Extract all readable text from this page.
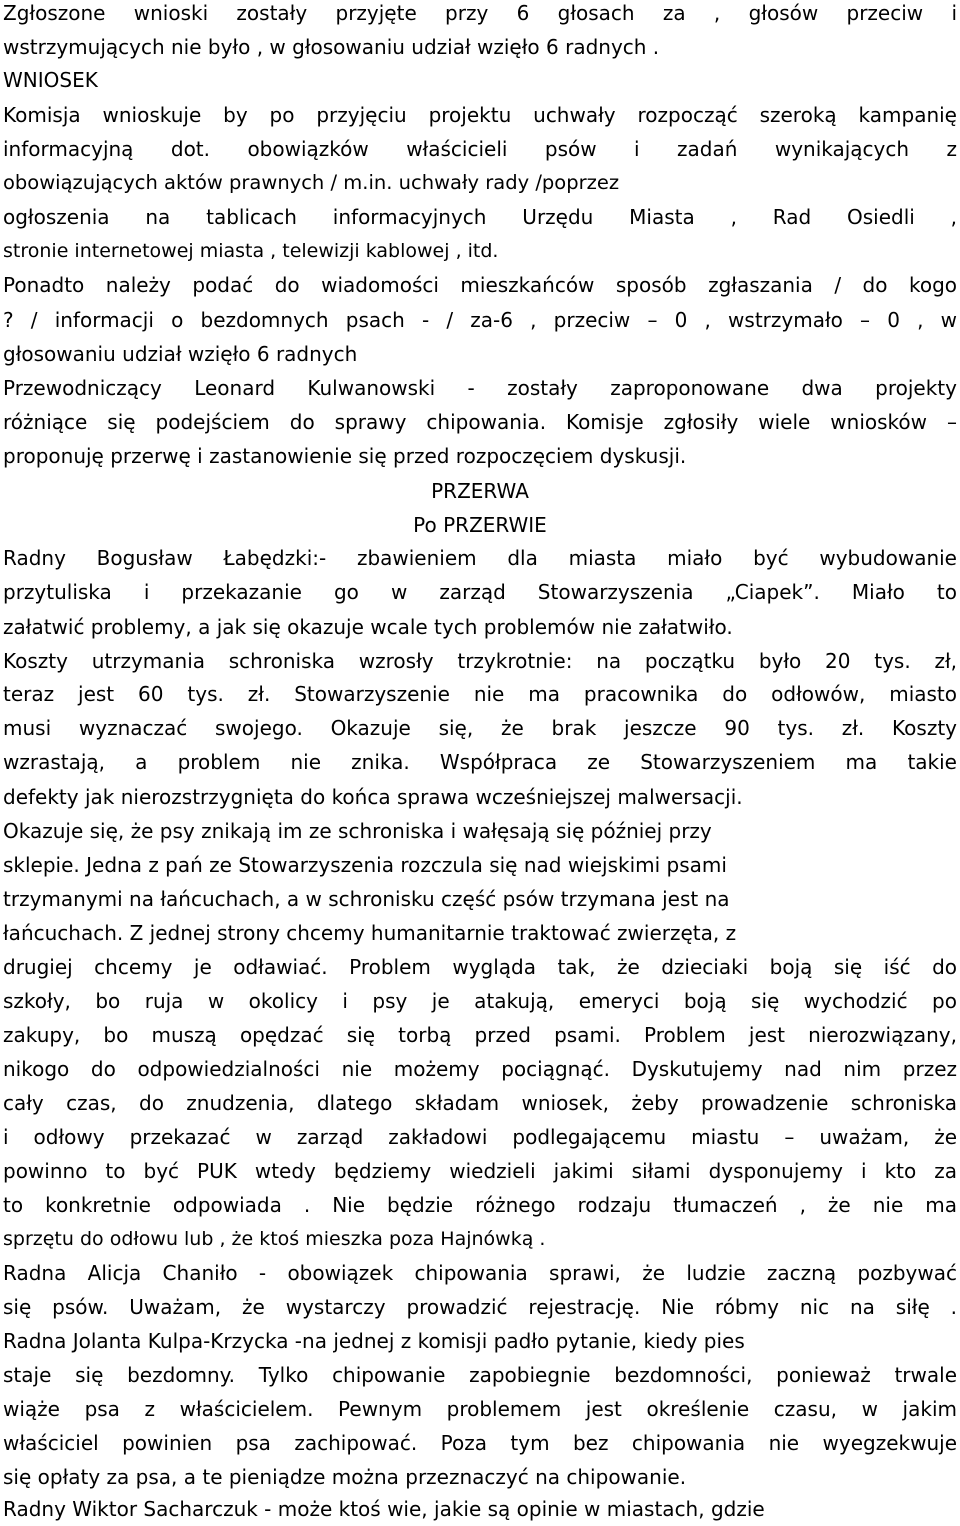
Zgłoszone wnioski zostały przyjęte przy 6 głosach za , głosów przeciw i
wstrzymujących nie było , w głosowaniu udział wzięło 6 radnych .
WNIOSEK
Komisja wnioskuje by po przyjęciu projektu uchwały rozpocząć szeroką kampanię
informacyjną dot. obowiązków właścicieli psów i zadań wynikających z
obowiązujących aktów prawnych / m.in. uchwały rady /poprzez
ogłoszenia na tablicach informacyjnych Urzędu Miasta , Rad Osiedli ,
stronie internetowej miasta , telewizji kablowej , itd.
Ponadto należy podać do wiadomości mieszkańców sposób zgłaszania / do kogo
? / informacji o bezdomnych psach - / za-6 , przeciw – 0 , wstrzymało – 0 , w
głosowaniu udział wzięło 6 radnych
Przewodniczący Leonard Kulwanowski - zostały zaproponowane dwa projekty
różniące się podejściem do sprawy chipowania. Komisje zgłosiły wiele wniosków –
proponuję przerwę i zastanowienie się przed rozpoczęciem dyskusji.
PRZERWA
Po PRZERWIE
Radny Bogusław Łabędzki:- zbawieniem dla miasta miało być wybudowanie
przytuliska i przekazanie go w zarząd Stowarzyszenia „Ciapek”. Miało to
załatwić problemy, a jak się okazuje wcale tych problemów nie załatwiło.
Koszty utrzymania schroniska wzrosły trzykrotnie: na początku było 20 tys. zł,
teraz jest 60 tys. zł. Stowarzyszenie nie ma pracownika do odłowów, miasto
musi wyznaczać swojego. Okazuje się, że brak jeszcze 90 tys. zł. Koszty
wzrastają, a problem nie znika. Współpraca ze Stowarzyszeniem ma takie
defekty jak nierozstrzygnięta do końca sprawa wcześniejszej malwersacji.
Okazuje się, że psy znikają im ze schroniska i wałęsają się później przy
sklepie. Jedna z pań ze Stowarzyszenia rozczula się nad wiejskimi psami
trzymanymi na łańcuchach, a w schronisku część psów trzymana jest na
łańcuchach. Z jednej strony chcemy humanitarnie traktować zwierzęta, z
drugiej chcemy je odławiać. Problem wygląda tak, że dzieciaki boją się iść do
szkoły, bo ruja w okolicy i psy je atakują, emeryci boją się wychodzić po
zakupy, bo muszą opędzać się torbą przed psami. Problem jest nierozwiązany,
nikogo do odpowiedzialności nie możemy pociągnąć. Dyskutujemy nad nim przez
cały czas, do znudzenia, dlatego składam wniosek, żeby prowadzenie schroniska
i odłowy przekazać w zarząd zakładowi podlegającemu miastu – uważam, że
powinno to być PUK wtedy będziemy wiedzieli jakimi siłami dysponujemy i kto za
to konkretnie odpowiada . Nie będzie różnego rodzaju tłumaczeń , że nie ma
sprzętu do odłowu lub , że ktoś mieszka poza Hajnówką .
Radna Alicja Chaniło - obowiązek chipowania sprawi, że ludzie zaczną pozbywać
się psów. Uważam, że wystarczy prowadzić rejestrację. Nie róbmy nic na siłę .
Radna Jolanta Kulpa-Krzycka -na jednej z komisji padło pytanie, kiedy pies
staje się bezdomny. Tylko chipowanie zapobiegnie bezdomności, ponieważ trwale
wiąże psa z właścicielem. Pewnym problemem jest określenie czasu, w jakim
właściciel powinien psa zachipować. Poza tym bez chipowania nie wyegzekwuje
się opłaty za psa, a te pieniądze można przeznaczyć na chipowanie.
Radny Wiktor Sacharczuk - może ktoś wie, jakie są opinie w miastach, gdzie
